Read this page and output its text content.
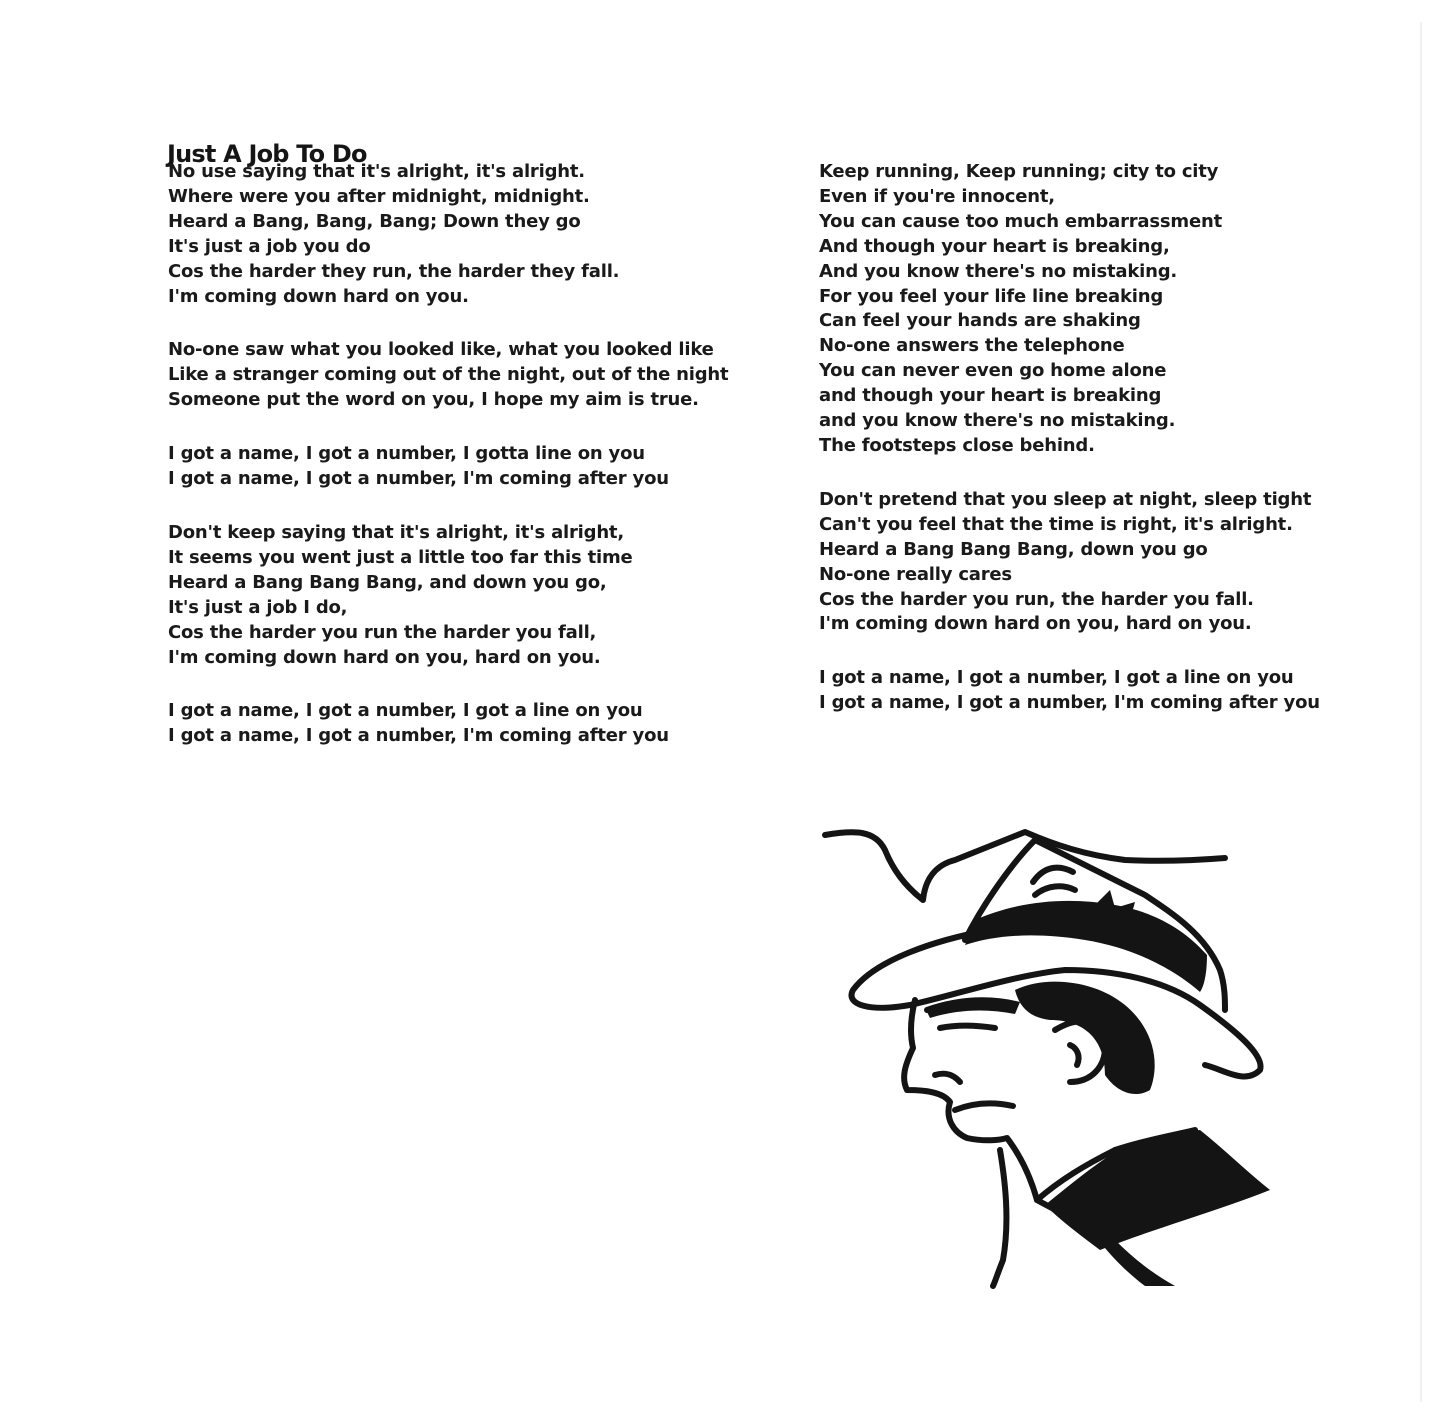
Just A Job To Do
No use saying that it's alright, it's alright.
Where were you after midnight, midnight.
Heard a Bang, Bang, Bang; Down they go
It's just a job you do
Cos the harder they run, the harder they fall.
I'm coming down hard on you.
No-one saw what you looked like, what you looked like
Like a stranger coming out of the night, out of the night
Someone put the word on you, I hope my aim is true.
I got a name, I got a number, I gotta line on you
I got a name, I got a number, I'm coming after you
Don't keep saying that it's alright, it's alright,
It seems you went just a little too far this time
Heard a Bang Bang Bang, and down you go,
It's just a job I do,
Cos the harder you run the harder you fall,
I'm coming down hard on you, hard on you.
I got a name, I got a number, I got a line on you
I got a name, I got a number, I'm coming after you
Keep running, Keep running; city to city
Even if you're innocent,
You can cause too much embarrassment
And though your heart is breaking,
And you know there's no mistaking.
For you feel your life line breaking
Can feel your hands are shaking
No-one answers the telephone
You can never even go home alone
and though your heart is breaking
and you know there's no mistaking.
The footsteps close behind.
Don't pretend that you sleep at night, sleep tight
Can't you feel that the time is right, it's alright.
Heard a Bang Bang Bang, down you go
No-one really cares
Cos the harder you run, the harder you fall.
I'm coming down hard on you, hard on you.
I got a name, I got a number, I got a line on you
I got a name, I got a number, I'm coming after you
